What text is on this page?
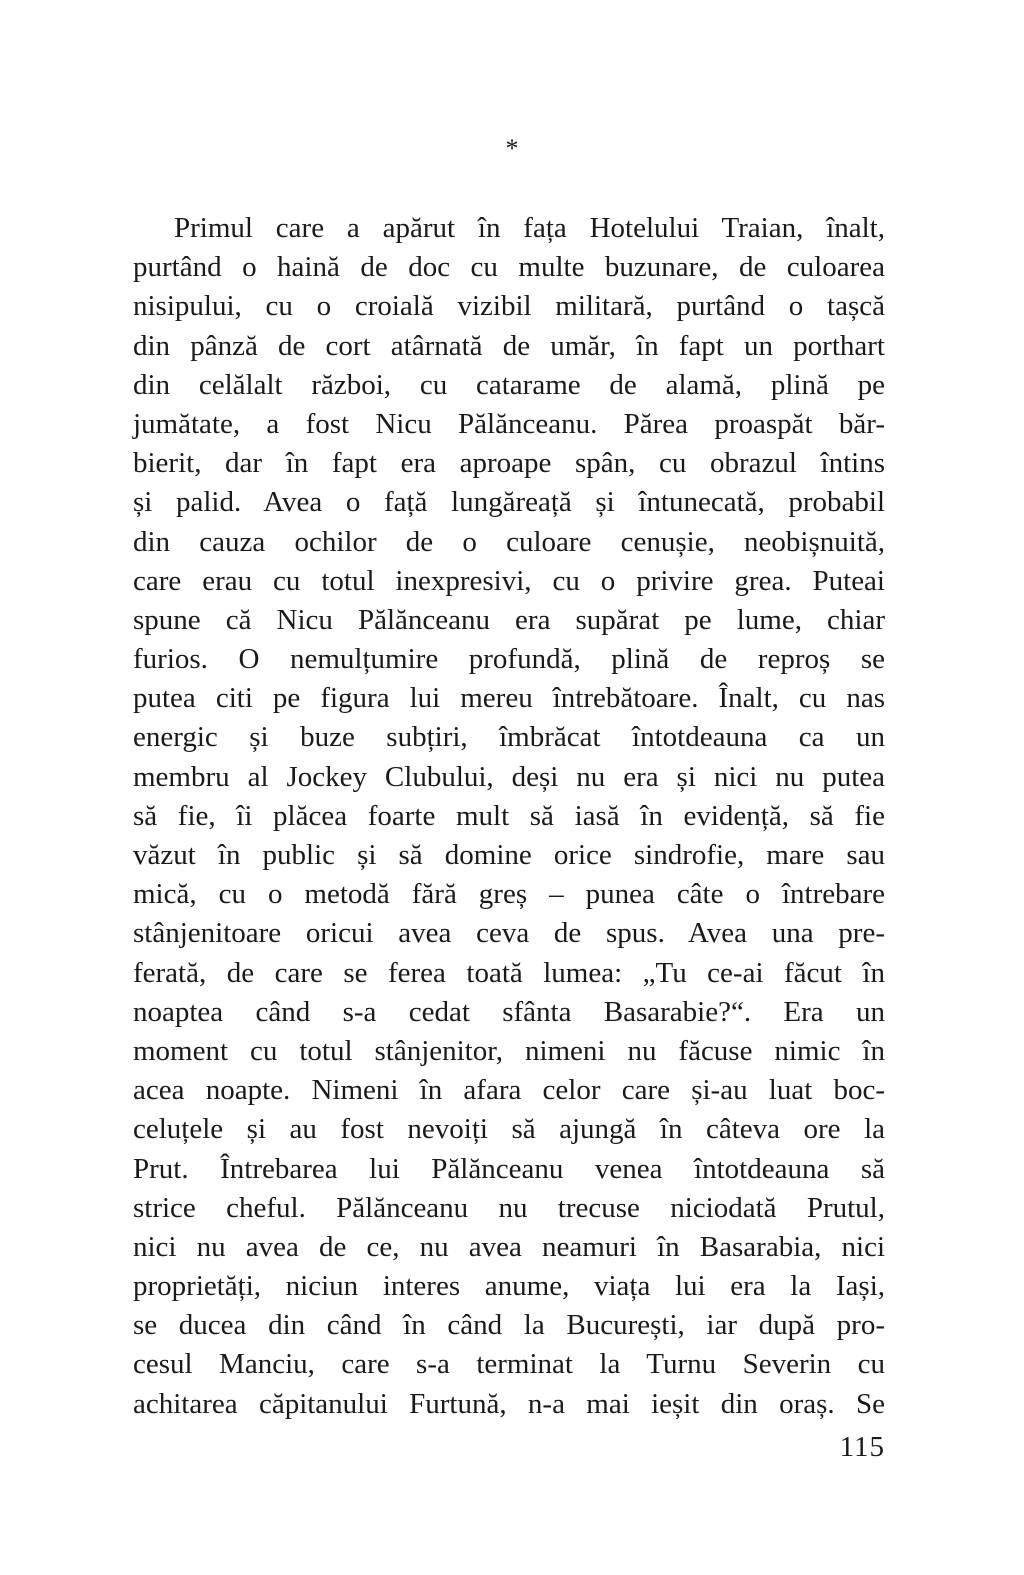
*
Primul care a apărut în fața Hotelului Traian, înalt,
purtând o haină de doc cu multe buzunare, de culoarea
nisipului, cu o croială vizibil militară, purtând o tașcă
din pânză de cort atârnată de umăr, în fapt un porthart
din celălalt război, cu catarame de alamă, plină pe
jumătate, a fost Nicu Pălănceanu. Părea proaspăt băr-
bierit, dar în fapt era aproape spân, cu obrazul întins
și palid. Avea o față lungăreață și întunecată, probabil
din cauza ochilor de o culoare cenușie, neobișnuită,
care erau cu totul inexpresivi, cu o privire grea. Puteai
spune că Nicu Pălănceanu era supărat pe lume, chiar
furios. O nemulțumire profundă, plină de reproș se
putea citi pe figura lui mereu întrebătoare. Înalt, cu nas
energic și buze subțiri, îmbrăcat întotdeauna ca un
membru al Jockey Clubului, deși nu era și nici nu putea
să fie, îi plăcea foarte mult să iasă în evidență, să fie
văzut în public și să domine orice sindrofie, mare sau
mică, cu o metodă fără greș – punea câte o întrebare
stânjenitoare oricui avea ceva de spus. Avea una pre-
ferată, de care se ferea toată lumea: „Tu ce-ai făcut în
noaptea când s-a cedat sfânta Basarabie?“. Era un
moment cu totul stânjenitor, nimeni nu făcuse nimic în
acea noapte. Nimeni în afara celor care și-au luat boc-
celuțele și au fost nevoiți să ajungă în câteva ore la
Prut. Întrebarea lui Pălănceanu venea întotdeauna să
strice cheful. Pălănceanu nu trecuse niciodată Prutul,
nici nu avea de ce, nu avea neamuri în Basarabia, nici
proprietăți, niciun interes anume, viața lui era la Iași,
se ducea din când în când la București, iar după pro-
cesul Manciu, care s-a terminat la Turnu Severin cu
achitarea căpitanului Furtună, n-a mai ieșit din oraș. Se
115
